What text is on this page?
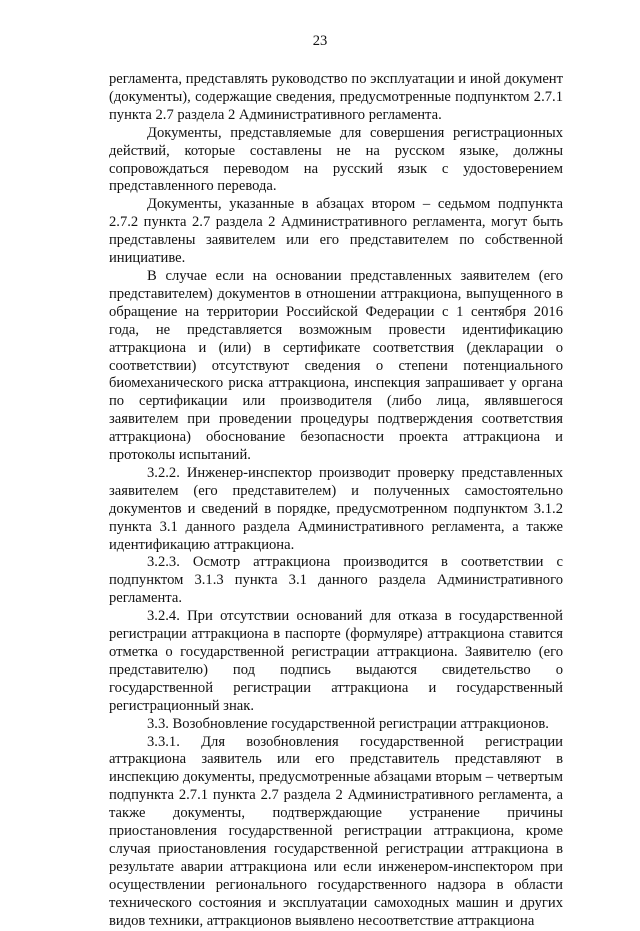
23

регламента, представлять руководство по эксплуатации и иной документ (документы), содержащие сведения, предусмотренные подпунктом 2.7.1 пункта 2.7 раздела 2 Административного регламента.

Документы, представляемые для совершения регистрационных действий, которые составлены не на русском языке, должны сопровождаться переводом на русский язык с удостоверением представленного перевода.

Документы, указанные в абзацах втором – седьмом подпункта 2.7.2 пункта 2.7 раздела 2 Административного регламента, могут быть представлены заявителем или его представителем по собственной инициативе.

В случае если на основании представленных заявителем (его представителем) документов в отношении аттракциона, выпущенного в обращение на территории Российской Федерации с 1 сентября 2016 года, не представляется возможным провести идентификацию аттракциона и (или) в сертификате соответствия (декларации о соответствии) отсутствуют сведения о степени потенциального биомеханического риска аттракциона, инспекция запрашивает у органа по сертификации или производителя (либо лица, являвшегося заявителем при проведении процедуры подтверждения соответствия аттракциона) обоснование безопасности проекта аттракциона и протоколы испытаний.

3.2.2. Инженер-инспектор производит проверку представленных заявителем (его представителем) и полученных самостоятельно документов и сведений в порядке, предусмотренном подпунктом 3.1.2 пункта 3.1 данного раздела Административного регламента, а также идентификацию аттракциона.

3.2.3. Осмотр аттракциона производится в соответствии с подпунктом 3.1.3 пункта 3.1 данного раздела Административного регламента.

3.2.4. При отсутствии оснований для отказа в государственной регистрации аттракциона в паспорте (формуляре) аттракциона ставится отметка о государственной регистрации аттракциона. Заявителю (его представителю) под подпись выдаются свидетельство о государственной регистрации аттракциона и государственный регистрационный знак.

3.3. Возобновление государственной регистрации аттракционов.

3.3.1. Для возобновления государственной регистрации аттракциона заявитель или его представитель представляют в инспекцию документы, предусмотренные абзацами вторым – четвертым подпункта 2.7.1 пункта 2.7 раздела 2 Административного регламента, а также документы, подтверждающие устранение причины приостановления государственной регистрации аттракциона, кроме случая приостановления государственной регистрации аттракциона в результате аварии аттракциона или если инженером-инспектором при осуществлении регионального государственного надзора в области технического состояния и эксплуатации самоходных машин и других видов техники, аттракционов выявлено несоответствие аттракциона
